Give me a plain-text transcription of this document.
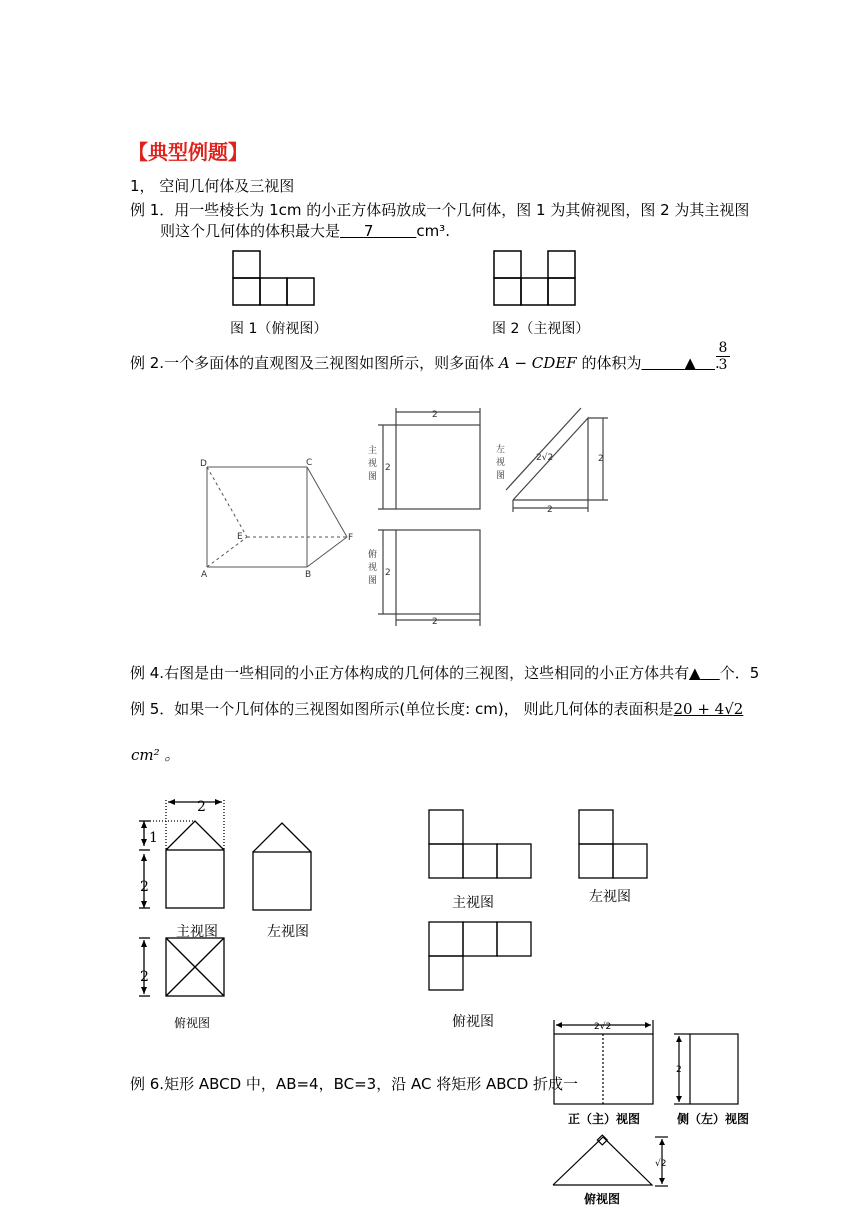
【典型例题】
1， 空间几何体及三视图
例 1．用一些棱长为 1cm 的小正方体码放成一个几何体，图 1 为其俯视图，图 2 为其主视图
则这个几何体的体积最大是 7	cm³.
图 1（俯视图）	图 2（主视图）
例 2.一个多面体的直观图及三视图如图所示，则多面体 A − CDEF 的体积为	▲ .
$\frac{8}{3}$
D	C
E	F
A	B
2
2
2
2
2
2
2√2
主
视
图
左
视
图
俯
视
图
例 4.右图是由一些相同的小正方体构成的几何体的三视图，这些相同的小正方体共有▲ 个．5
例 5．如果一个几何体的三视图如图所示(单位长度: cm)， 则此几何体的表面积是20 + 4√2
cm² 。
2
1
2
2
主视图	左视图
俯视图
主视图	左视图
俯视图
例 6.矩形 ABCD 中，AB=4，BC=3，沿 AC 将矩形 ABCD 折成一
2√2
2
√2
正（主）视图	侧（左）视图
俯视图
